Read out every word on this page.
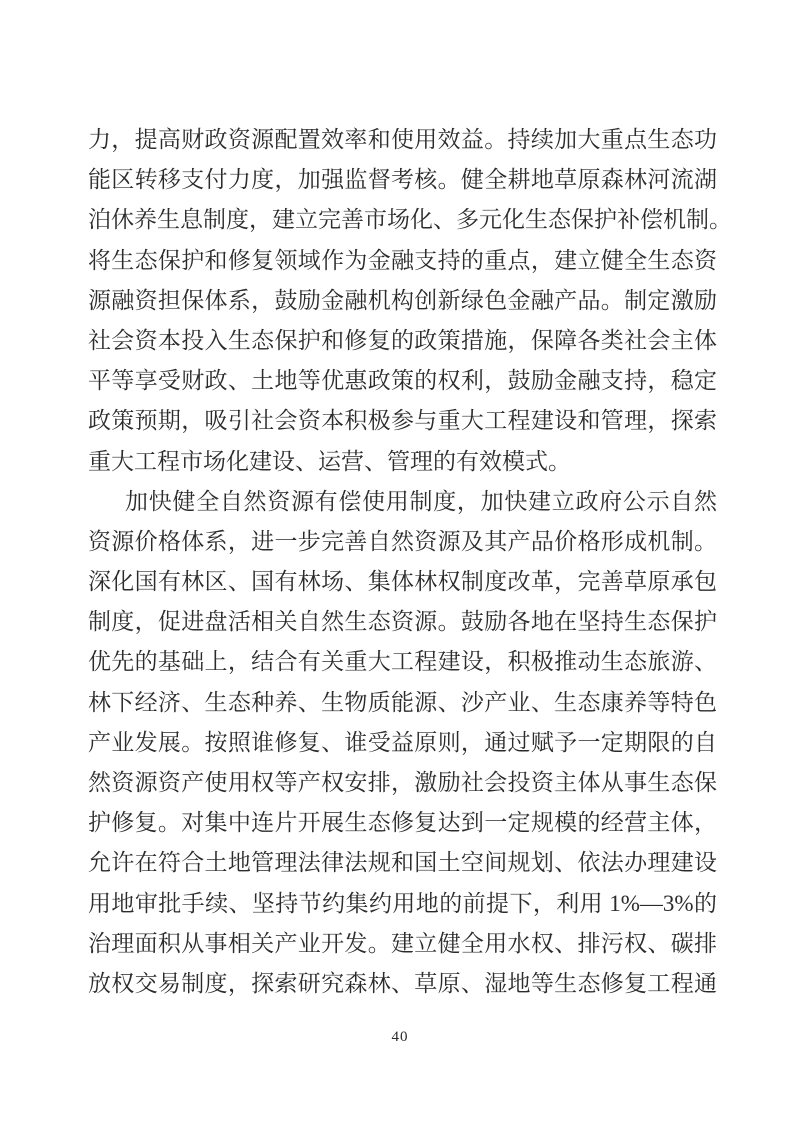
力，提高财政资源配置效率和使用效益。持续加大重点生态功
能区转移支付力度，加强监督考核。健全耕地草原森林河流湖
泊休养生息制度，建立完善市场化、多元化生态保护补偿机制。
将生态保护和修复领域作为金融支持的重点，建立健全生态资
源融资担保体系，鼓励金融机构创新绿色金融产品。制定激励
社会资本投入生态保护和修复的政策措施，保障各类社会主体
平等享受财政、土地等优惠政策的权利，鼓励金融支持，稳定
政策预期，吸引社会资本积极参与重大工程建设和管理，探索
重大工程市场化建设、运营、管理的有效模式。
加快健全自然资源有偿使用制度，加快建立政府公示自然
资源价格体系，进一步完善自然资源及其产品价格形成机制。
深化国有林区、国有林场、集体林权制度改革，完善草原承包
制度，促进盘活相关自然生态资源。鼓励各地在坚持生态保护
优先的基础上，结合有关重大工程建设，积极推动生态旅游、
林下经济、生态种养、生物质能源、沙产业、生态康养等特色
产业发展。按照谁修复、谁受益原则，通过赋予一定期限的自
然资源资产使用权等产权安排，激励社会投资主体从事生态保
护修复。对集中连片开展生态修复达到一定规模的经营主体，
允许在符合土地管理法律法规和国土空间规划、依法办理建设
用地审批手续、坚持节约集约用地的前提下，利用 1%—3%的
治理面积从事相关产业开发。建立健全用水权、排污权、碳排
放权交易制度，探索研究森林、草原、湿地等生态修复工程通
40
